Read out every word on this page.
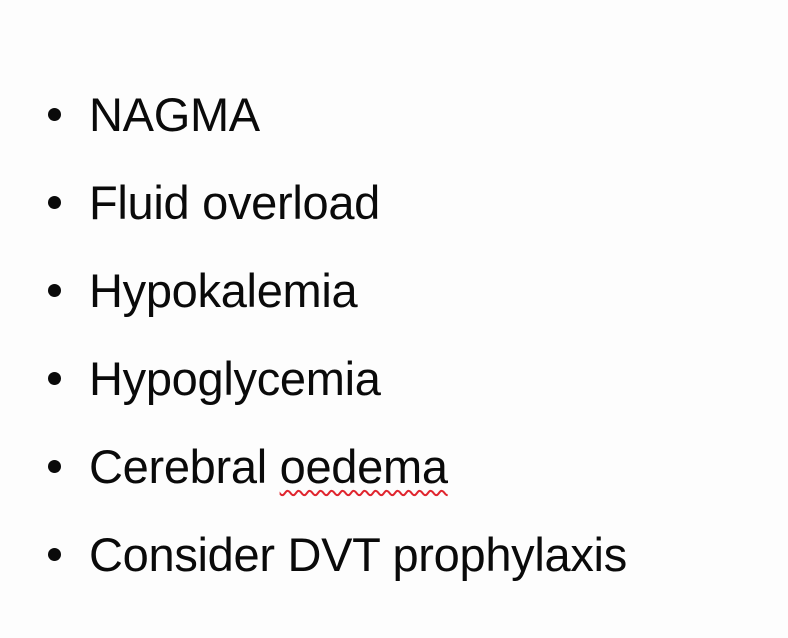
NAGMA
Fluid overload
Hypokalemia
Hypoglycemia
Cerebral oedema
Consider DVT prophylaxis
